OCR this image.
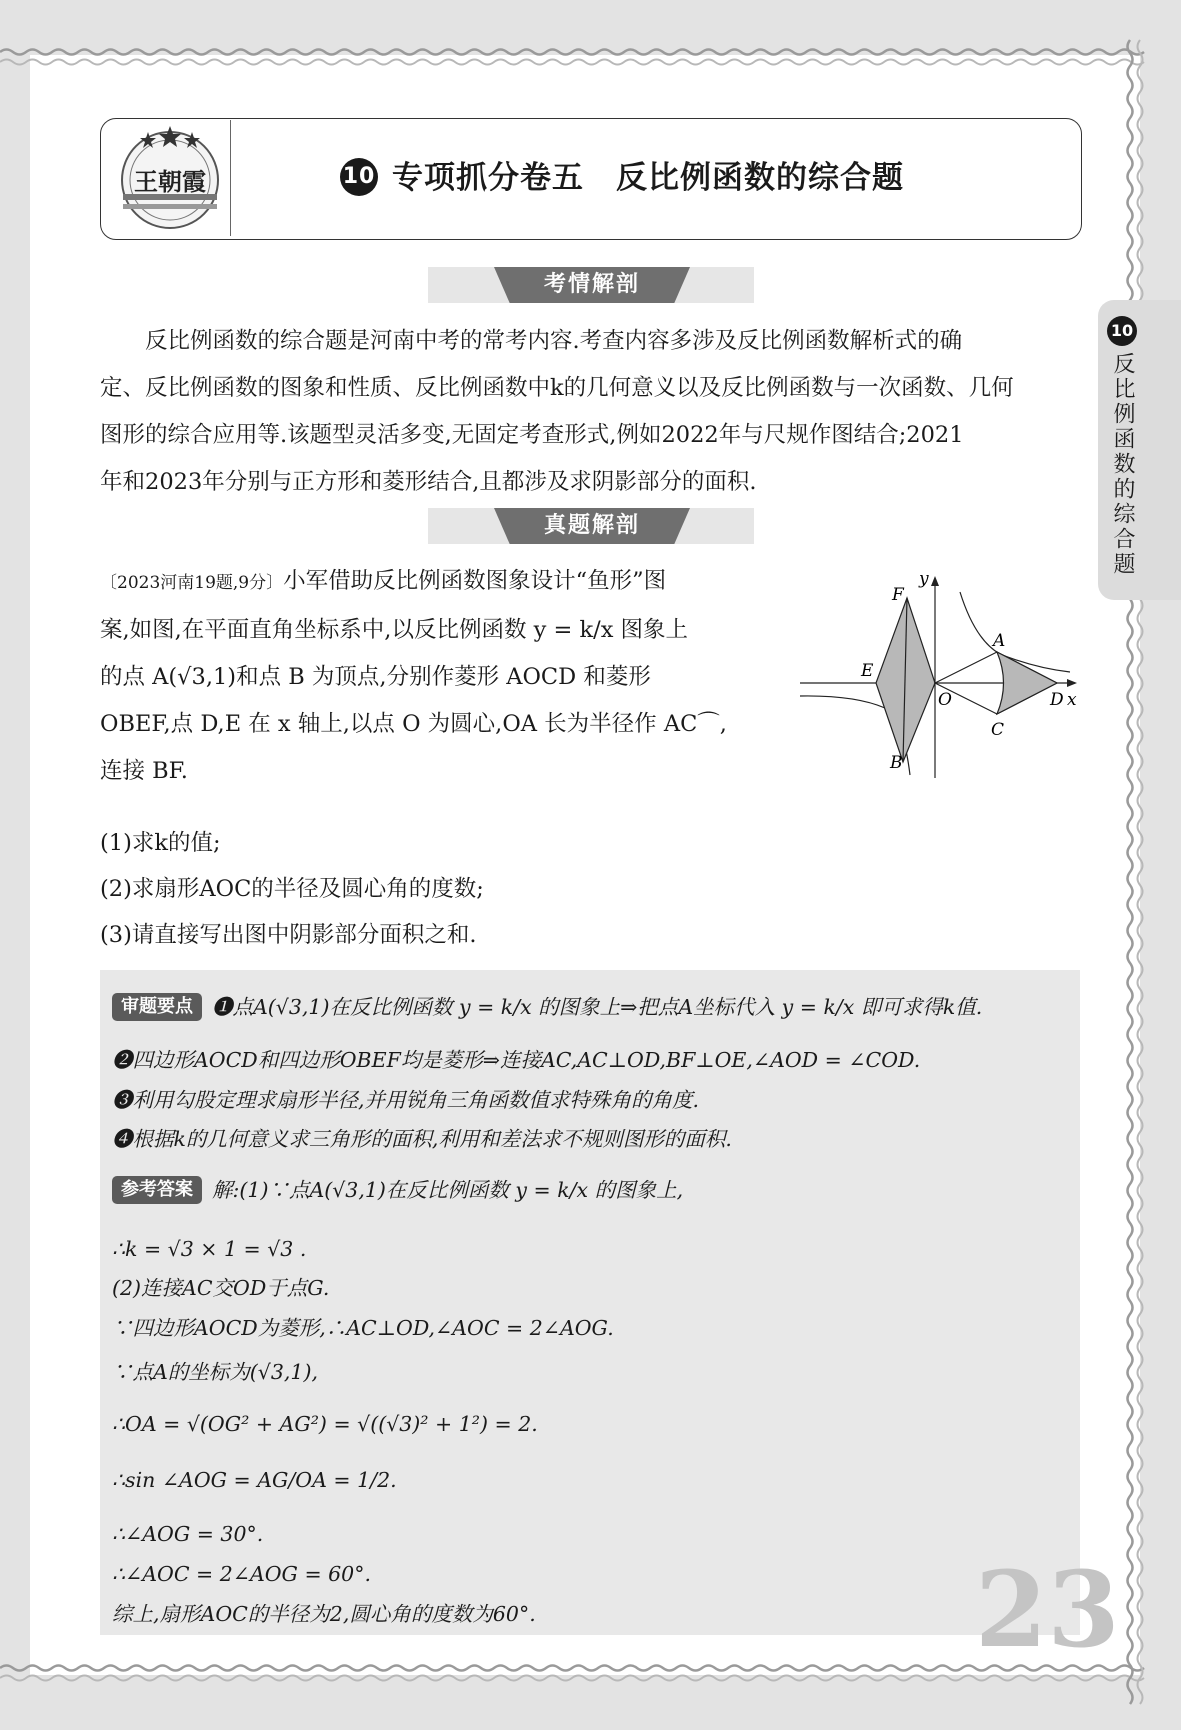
王朝霞	10 专项抓分卷五　反比例函数的综合题
考情解剖
反比例函数的综合题是河南中考的常考内容.考查内容多涉及反比例函数解析式的确
定、反比例函数的图象和性质、反比例函数中k的几何意义以及反比例函数与一次函数、几何
图形的综合应用等.该题型灵活多变,无固定考查形式,例如2022年与尺规作图结合;2021
年和2023年分别与正方形和菱形结合,且都涉及求阴影部分的面积.
真题解剖
〔2023河南19题,9分〕小军借助反比例函数图象设计“鱼形”图
案,如图,在平面直角坐标系中,以反比例函数 y = k/x 图象上
的点 A(√3,1)和点 B 为顶点,分别作菱形 AOCD 和菱形
OBEF,点 D,E 在 x 轴上,以点 O 为圆心,OA 长为半径作 AC⌒,
连接 BF.
(1)求k的值;
(2)求扇形AOC的半径及圆心角的度数;
(3)请直接写出图中阴影部分面积之和.
y
F
A
E
O	D x
C
B
10
反比例函数的综合题
审题要点 ❶点A(√3,1)在反比例函数 y = k/x 的图象上⇒把点A坐标代入 y = k/x 即可求得k值.
❷四边形AOCD和四边形OBEF均是菱形⇒连接AC,AC⊥OD,BF⊥OE,∠AOD = ∠COD.
❸利用勾股定理求扇形半径,并用锐角三角函数值求特殊角的角度.
❹根据k的几何意义求三角形的面积,利用和差法求不规则图形的面积.
参考答案 解:(1)∵点A(√3,1)在反比例函数 y = k/x 的图象上,
∴k = √3 × 1 = √3 .
(2)连接AC交OD于点G.
∵四边形AOCD为菱形,∴AC⊥OD,∠AOC = 2∠AOG.
∵点A的坐标为(√3,1),
∴OA = √(OG² + AG²) = √((√3)² + 1²) = 2.
∴sin ∠AOG = AG/OA = 1/2.
∴∠AOG = 30°.
∴∠AOC = 2∠AOG = 60°.
综上,扇形AOC的半径为2,圆心角的度数为60°.	23
